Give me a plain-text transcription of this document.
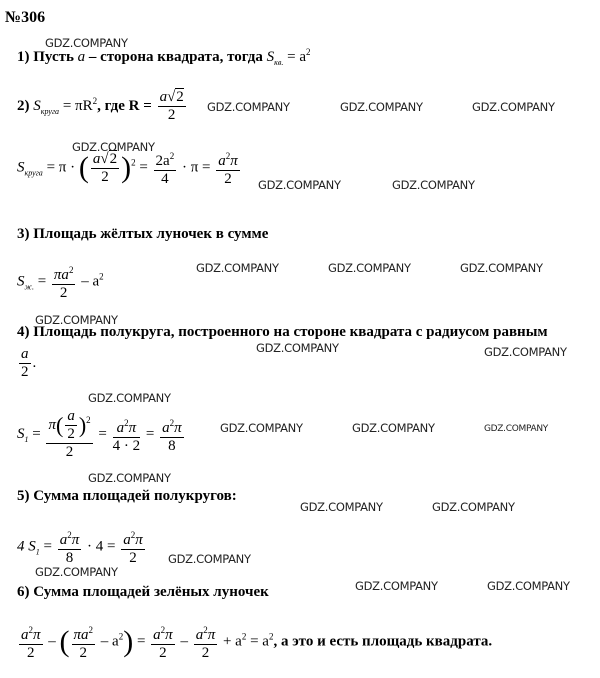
№306
1) Пусть a – сторона квадрата, тогда $S_{кв.} = a^2$
2) $S_{круга} = \pi R^2$, где $R = \frac{a√2}{2}$
$S_{круга} = \pi$ · ( $\frac{a√2}{2} )^2 = \frac{2a^2}{4} \cdot \pi = \frac{a^2\pi}{2}$
3) Площадь жёлтых луночек в сумме
$S_{ж.} = \frac{\pi a^2}{2} - a^2$
4) Площадь полукруга, построенного на стороне квадрата с радиусом равным
$\frac{a}{2}$ .
$S_1 = \frac{\pi( \frac{a}{2} )^2}{2} = \frac{a^2\pi}{4 \cdot 2} = \frac{a^2\pi}{8}$
5) Сумма площадей полукругов:
4 $S_1 = \frac{a^2\pi}{8} \cdot 4 = \frac{a^2\pi}{2}$
6) Сумма площадей зелёных луночек
$\frac{a^2\pi}{2}$ – ( $\frac{\pi a^2}{2} - a^2) = \frac{a^2\pi}{2} - \frac{a^2\pi}{2} + a^2 = a^2$, а это и есть площадь квадрата.
GDZ.COMPANY
GDZ.COMPANY	GDZ.COMPANY	GDZ.COMPANY
GDZ.COMPANY
GDZ.COMPANY	GDZ.COMPANY
GDZ.COMPANY	GDZ.COMPANY	GDZ.COMPANY
GDZ.COMPANY
GDZ.COMPANY	GDZ.COMPANY
GDZ.COMPANY
GDZ.COMPANY	GDZ.COMPANY	GDZ.COMPANY
GDZ.COMPANY
GDZ.COMPANY	GDZ.COMPANY
GDZ.COMPANY
GDZ.COMPANY
GDZ.COMPANY	GDZ.COMPANY
